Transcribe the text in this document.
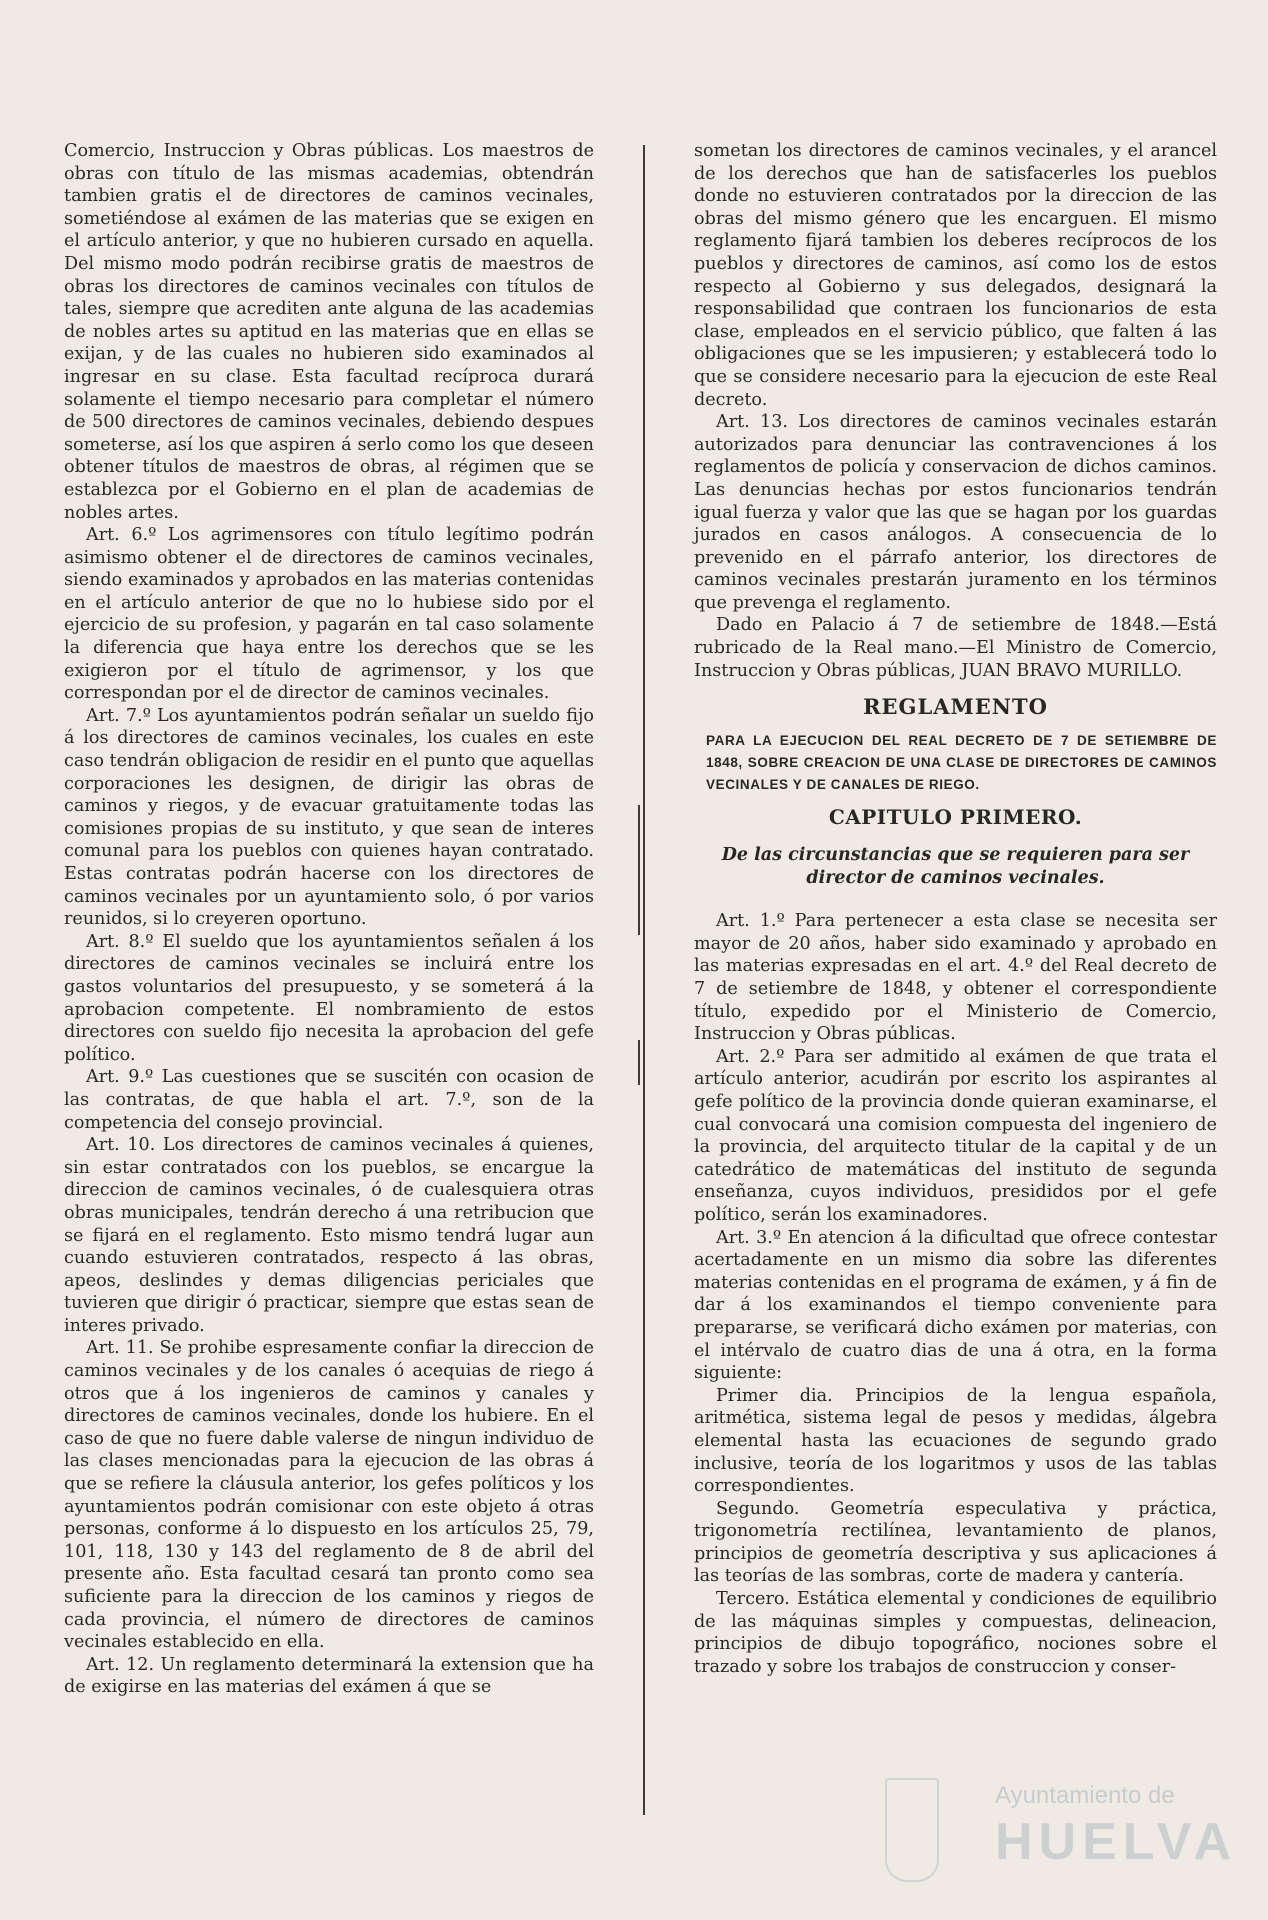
Comercio, Instruccion y Obras públicas. Los maestros de obras con título de las mismas academias, obtendrán tambien gratis el de directores de caminos vecinales, sometiéndose al exámen de las materias que se exigen en el artículo anterior, y que no hubieren cursado en aquella. Del mismo modo podrán recibirse gratis de maestros de obras los directores de caminos vecinales con títulos de tales, siempre que acrediten ante alguna de las academias de nobles artes su aptitud en las materias que en ellas se exijan, y de las cuales no hubieren sido examinados al ingresar en su clase. Esta facultad recíproca durará solamente el tiempo necesario para completar el número de 500 directores de caminos vecinales, debiendo despues someterse, así los que aspiren á serlo como los que deseen obtener títulos de maestros de obras, al régimen que se establezca por el Gobierno en el plan de academias de nobles artes.

Art. 6.º Los agrimensores con título legítimo podrán asimismo obtener el de directores de caminos vecinales, siendo examinados y aprobados en las materias contenidas en el artículo anterior de que no lo hubiese sido por el ejercicio de su profesion, y pagarán en tal caso solamente la diferencia que haya entre los derechos que se les exigieron por el título de agrimensor, y los que correspondan por el de director de caminos vecinales.

Art. 7.º Los ayuntamientos podrán señalar un sueldo fijo á los directores de caminos vecinales, los cuales en este caso tendrán obligacion de residir en el punto que aquellas corporaciones les designen, de dirigir las obras de caminos y riegos, y de evacuar gratuitamente todas las comisiones propias de su instituto, y que sean de interes comunal para los pueblos con quienes hayan contratado. Estas contratas podrán hacerse con los directores de caminos vecinales por un ayuntamiento solo, ó por varios reunidos, si lo creyeren oportuno.

Art. 8.º El sueldo que los ayuntamientos señalen á los directores de caminos vecinales se incluirá entre los gastos voluntarios del presupuesto, y se someterá á la aprobacion competente. El nombramiento de estos directores con sueldo fijo necesita la aprobacion del gefe político.

Art. 9.º Las cuestiones que se suscitén con ocasion de las contratas, de que habla el art. 7.º, son de la competencia del consejo provincial.

Art. 10. Los directores de caminos vecinales á quienes, sin estar contratados con los pueblos, se encargue la direccion de caminos vecinales, ó de cualesquiera otras obras municipales, tendrán derecho á una retribucion que se fijará en el reglamento. Esto mismo tendrá lugar aun cuando estuvieren contratados, respecto á las obras, apeos, deslindes y demas diligencias periciales que tuvieren que dirigir ó practicar, siempre que estas sean de interes privado.

Art. 11. Se prohibe espresamente confiar la direccion de caminos vecinales y de los canales ó acequias de riego á otros que á los ingenieros de caminos y canales y directores de caminos vecinales, donde los hubiere. En el caso de que no fuere dable valerse de ningun individuo de las clases mencionadas para la ejecucion de las obras á que se refiere la cláusula anterior, los gefes políticos y los ayuntamientos podrán comisionar con este objeto á otras personas, conforme á lo dispuesto en los artículos 25, 79, 101, 118, 130 y 143 del reglamento de 8 de abril del presente año. Esta facultad cesará tan pronto como sea suficiente para la direccion de los caminos y riegos de cada provincia, el número de directores de caminos vecinales establecido en ella.

Art. 12. Un reglamento determinará la extension que ha de exigirse en las materias del exámen á que se

sometan los directores de caminos vecinales, y el arancel de los derechos que han de satisfacerles los pueblos donde no estuvieren contratados por la direccion de las obras del mismo género que les encarguen. El mismo reglamento fijará tambien los deberes recíprocos de los pueblos y directores de caminos, así como los de estos respecto al Gobierno y sus delegados, designará la responsabilidad que contraen los funcionarios de esta clase, empleados en el servicio público, que falten á las obligaciones que se les impusieren; y establecerá todo lo que se considere necesario para la ejecucion de este Real decreto.

Art. 13. Los directores de caminos vecinales estarán autorizados para denunciar las contravenciones á los reglamentos de policía y conservacion de dichos caminos. Las denuncias hechas por estos funcionarios tendrán igual fuerza y valor que las que se hagan por los guardas jurados en casos análogos. A consecuencia de lo prevenido en el párrafo anterior, los directores de caminos vecinales prestarán juramento en los términos que prevenga el reglamento.

Dado en Palacio á 7 de setiembre de 1848.—Está rubricado de la Real mano.—El Ministro de Comercio, Instruccion y Obras públicas, JUAN BRAVO MURILLO.

REGLAMENTO
PARA LA EJECUCION DEL REAL DECRETO DE 7 DE SETIEMBRE DE 1848, SOBRE CREACION DE UNA CLASE DE DIRECTORES DE CAMINOS VECINALES Y DE CANALES DE RIEGO.
CAPITULO PRIMERO.
De las circunstancias que se requieren para ser director de caminos vecinales.

Art. 1.º Para pertenecer a esta clase se necesita ser mayor de 20 años, haber sido examinado y aprobado en las materias expresadas en el art. 4.º del Real decreto de 7 de setiembre de 1848, y obtener el correspondiente título, expedido por el Ministerio de Comercio, Instruccion y Obras públicas.

Art. 2.º Para ser admitido al exámen de que trata el artículo anterior, acudirán por escrito los aspirantes al gefe político de la provincia donde quieran examinarse, el cual convocará una comision compuesta del ingeniero de la provincia, del arquitecto titular de la capital y de un catedrático de matemáticas del instituto de segunda enseñanza, cuyos individuos, presididos por el gefe político, serán los examinadores.

Art. 3.º En atencion á la dificultad que ofrece contestar acertadamente en un mismo dia sobre las diferentes materias contenidas en el programa de exámen, y á fin de dar á los examinandos el tiempo conveniente para prepararse, se verificará dicho exámen por materias, con el intérvalo de cuatro dias de una á otra, en la forma siguiente:

Primer dia. Principios de la lengua española, aritmética, sistema legal de pesos y medidas, álgebra elemental hasta las ecuaciones de segundo grado inclusive, teoría de los logaritmos y usos de las tablas correspondientes.

Segundo. Geometría especulativa y práctica, trigonometría rectilínea, levantamiento de planos, principios de geometría descriptiva y sus aplicaciones á las teorías de las sombras, corte de madera y cantería.

Tercero. Estática elemental y condiciones de equilibrio de las máquinas simples y compuestas, delineacion, principios de dibujo topográfico, nociones sobre el trazado y sobre los trabajos de construccion y conser-

Ayuntamiento de
HUELVA
